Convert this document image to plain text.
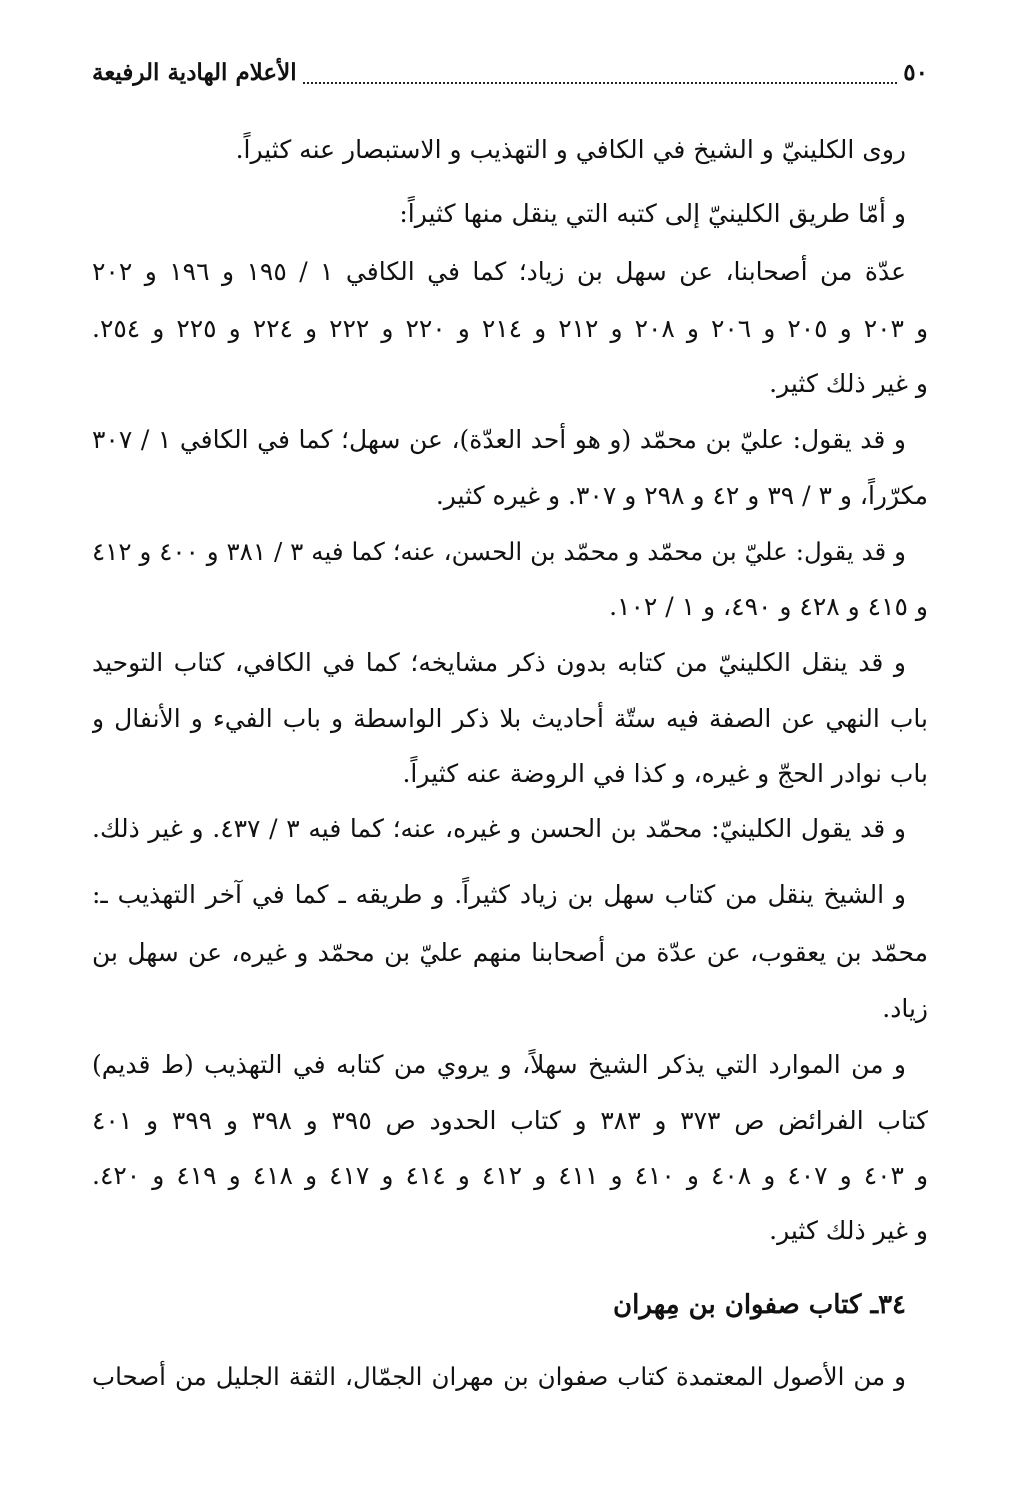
٥٠
الأعلام الهادية الرفيعة
روى الكلينيّ و الشيخ في الكافي و التهذيب و الاستبصار عنه كثيراً.
و أمّا طريق الكلينيّ إلى كتبه التي ينقل منها كثيراً:
عدّة من أصحابنا، عن سهل بن زياد؛ كما في الكافي ١ / ١٩٥ و ١٩٦ و ٢٠٢
و ٢٠٣ و ٢٠٥ و ٢٠٦ و ٢٠٨ و ٢١٢ و ٢١٤ و ٢٢٠ و ٢٢٢ و ٢٢٤ و ٢٢٥ و ٢٥٤.
و غير ذلك كثير.
و قد يقول: عليّ بن محمّد (و هو أحد العدّة)، عن سهل؛ كما في الكافي ١ / ٣٠٧
مكرّراً، و ٣ / ٣٩ و ٤٢ و ٢٩٨ و ٣٠٧. و غيره كثير.
و قد يقول: عليّ بن محمّد و محمّد بن الحسن، عنه؛ كما فيه ٣ / ٣٨١ و ٤٠٠ و ٤١٢
و ٤١٥ و ٤٢٨ و ٤٩٠، و ١ / ١٠٢.
و قد ينقل الكلينيّ من كتابه بدون ذكر مشايخه؛ كما في الكافي، كتاب التوحيد
باب النهي عن الصفة فيه ستّة أحاديث بلا ذكر الواسطة و باب الفيء و الأنفال و
باب نوادر الحجّ و غيره، و كذا في الروضة عنه كثيراً.
و قد يقول الكلينيّ: محمّد بن الحسن و غيره، عنه؛ كما فيه ٣ / ٤٣٧. و غير ذلك.
و الشيخ ينقل من كتاب سهل بن زياد كثيراً. و طريقه ـ كما في آخر التهذيب ـ:
محمّد بن يعقوب، عن عدّة من أصحابنا منهم عليّ بن محمّد و غيره، عن سهل بن
زياد.
و من الموارد التي يذكر الشيخ سهلاً، و يروي من كتابه في التهذيب (ط قديم)
كتاب الفرائض ص ٣٧٣ و ٣٨٣ و كتاب الحدود ص ٣٩٥ و ٣٩٨ و ٣٩٩ و ٤٠١
و ٤٠٣ و ٤٠٧ و ٤٠٨ و ٤١٠ و ٤١١ و ٤١٢ و ٤١٤ و ٤١٧ و ٤١٨ و ٤١٩ و ٤٢٠.
و غير ذلك كثير.
٣٤ـ كتاب صفوان بن مِهران
و من الأصول المعتمدة كتاب صفوان بن مهران الجمّال، الثقة الجليل من أصحاب
